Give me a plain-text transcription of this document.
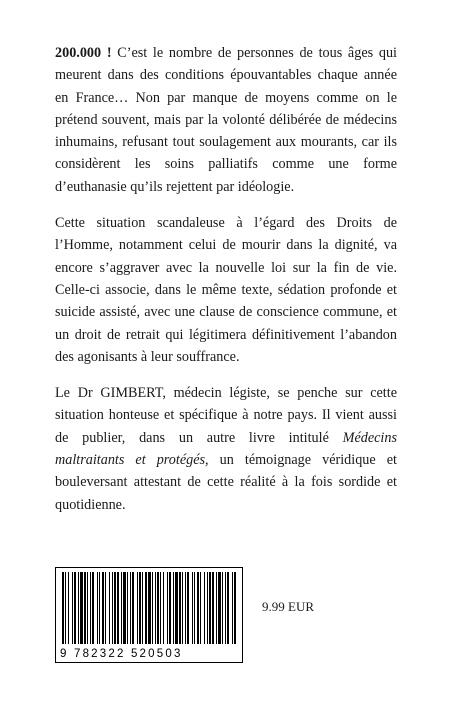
200.000 ! C’est le nombre de personnes de tous âges qui meurent dans des conditions épouvantables chaque année en France… Non par manque de moyens comme on le prétend souvent, mais par la volonté délibérée de médecins inhumains, refusant tout soulagement aux mourants, car ils considèrent les soins palliatifs comme une forme d’euthanasie qu’ils rejettent par idéologie.

Cette situation scandaleuse à l’égard des Droits de l’Homme, notamment celui de mourir dans la dignité, va encore s’aggraver avec la nouvelle loi sur la fin de vie. Celle-ci associe, dans le même texte, sédation profonde et suicide assisté, avec une clause de conscience commune, et un droit de retrait qui légitimera définitivement l’abandon des agonisants à leur souffrance.

Le Dr GIMBERT, médecin légiste, se penche sur cette situation honteuse et spécifique à notre pays. Il vient aussi de publier, dans un autre livre intitulé Médecins maltraitants et protégés, un témoignage véridique et bouleversant attestant de cette réalité à la fois sordide et quotidienne.

9 782322 520503
9.99 EUR
